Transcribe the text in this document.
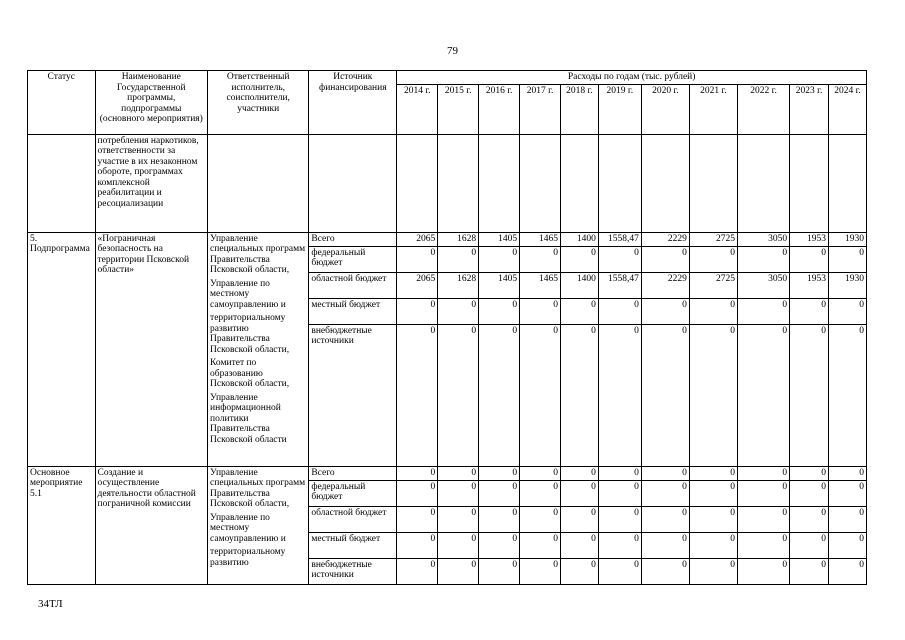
79
Статус	Наименование Государственной программы, подпрограммы (основного мероприятия)	Ответственный исполнитель, соисполнители, участники	Источник финансирования	Расходы по годам (тыс. рублей)										
				2014 г.	2015 г.	2016 г.	2017 г.	2018 г.	2019 г.	2020 г.	2021 г.	2022 г.	2023 г.	2024 г.
	потребления наркотиков, ответственности за участие в их незаконном обороте, программах комплексной реабилитации и ресоциализации													
5. Подпрограмма	«Пограничная безопасность на территории Псковской области»	Управление специальных программ Правительства Псковской области,
Управление по местному самоуправлению и
территориальному развитию Правительства Псковской области,
Комитет по образованию Псковской области,
Управление информационной политики Правительства Псковской области	Всего	2065	1628	1405	1465	1400	1558,47	2229	2725	3050	1953	1930
			федеральный бюджет	0	0	0	0	0	0	0	0	0	0	0
			областной бюджет	2065	1628	1405	1465	1400	1558,47	2229	2725	3050	1953	1930
			местный бюджет	0	0	0	0	0	0	0	0	0	0	0
			внебюджетные источники	0	0	0	0	0	0	0	0	0	0	0
Основное мероприятие 5.1	Создание и осуществление деятельности областной пограничной комиссии	Управление специальных программ Правительства Псковской области,
Управление по местному самоуправлению и
территориальному развитию	Всего	0	0	0	0	0	0	0	0	0	0	0
			федеральный бюджет	0	0	0	0	0	0	0	0	0	0	0
			областной бюджет	0	0	0	0	0	0	0	0	0	0	0
			местный бюджет	0	0	0	0	0	0	0	0	0	0	0
			внебюджетные источники	0	0	0	0	0	0	0	0	0	0	0
34ТЛ
